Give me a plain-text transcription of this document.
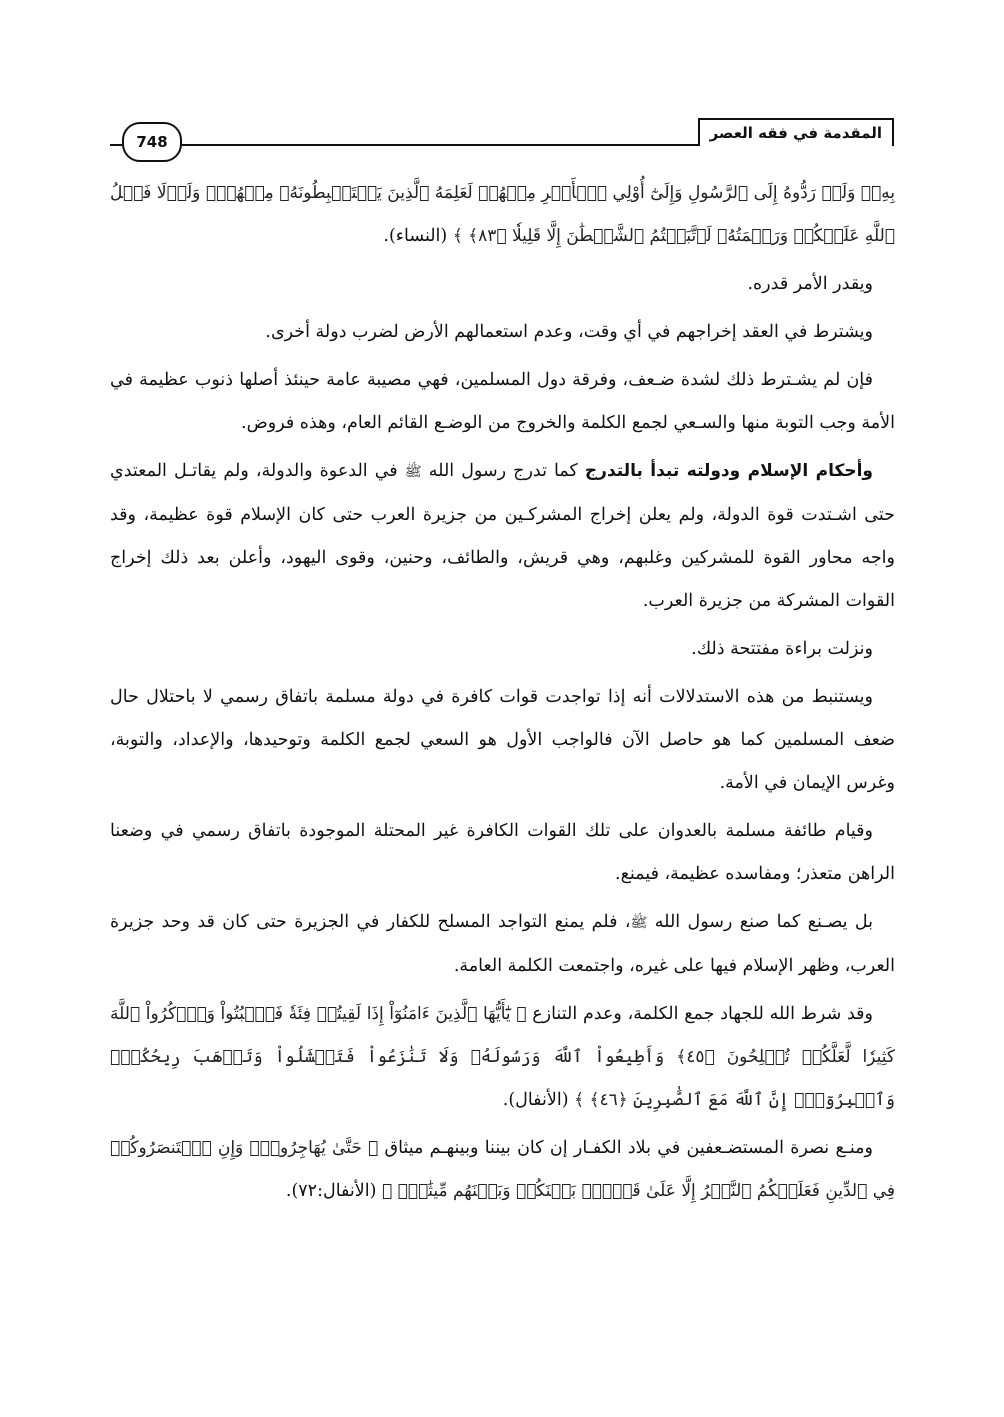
المقدمة في فقه العصر
748

بِهِۦۖ وَلَوۡ رَدُّوهُ إِلَى ٱلرَّسُولِ وَإِلَىٰٓ أُوْلِي ٱلۡأَمۡرِ مِنۡهُمۡ لَعَلِمَهُ ٱلَّذِينَ يَسۡتَنۢبِطُونَهُۥ مِنۡهُمۡۗ وَلَوۡلَا فَضۡلُ ٱللَّهِ عَلَيۡكُمۡ وَرَحۡمَتُهُۥ لَٱتَّبَعۡتُمُ ٱلشَّيۡطَٰنَ إِلَّا قَلِيلٗا ﴿٨٣﴾ ﴾ (النساء).

ويقدر الأمر قدره.

ويشترط في العقد إخراجهم في أي وقت، وعدم استعمالهم الأرض لضرب دولة أخرى.

فإن لم يشـترط ذلك لشدة ضـعف، وفرقة دول المسلمين، فهي مصيبة عامة حينئذ أصلها ذنوب عظيمة في الأمة وجب التوبة منها والسـعي لجمع الكلمة والخروج من الوضـع القائم العام، وهذه فروض.

وأحكام الإسلام ودولته تبدأ بالتدرج كما تدرج رسول الله ﷺ في الدعوة والدولة، ولم يقاتـل المعتدي حتى اشـتدت قوة الدولة، ولم يعلن إخراج المشركـين من جزيرة العرب حتى كان الإسلام قوة عظيمة، وقد واجه محاور القوة للمشركين وغلبهم، وهي قريش، والطائف، وحنين، وقوى اليهود، وأعلن بعد ذلك إخراج القوات المشركة من جزيرة العرب.

ونزلت براءة مفتتحة ذلك.

ويستنبط من هذه الاستدلالات أنه إذا تواجدت قوات كافرة في دولة مسلمة باتفاق رسمي لا باحتلال حال ضعف المسلمين كما هو حاصل الآن فالواجب الأول هو السعي لجمع الكلمة وتوحيدها، والإعداد، والتوبة، وغرس الإيمان في الأمة.

وقيام طائفة مسلمة بالعدوان على تلك القوات الكافرة غير المحتلة الموجودة باتفاق رسمي في وضعنا الراهن متعذر؛ ومفاسده عظيمة، فيمنع.

بل يصـنع كما صنع رسول الله ﷺ، فلم يمنع التواجد المسلح للكفار في الجزيرة حتى كان قد وحد جزيرة العرب، وظهر الإسلام فيها على غيره، واجتمعت الكلمة العامة.

وقد شرط الله للجهاد جمع الكلمة، وعدم التنازع ﴿ يَٰٓأَيُّهَا ٱلَّذِينَ ءَامَنُوٓاْ إِذَا لَقِيتُمۡ فِئَةٗ فَٱثۡبُتُواْ وَٱذۡكُرُواْ ٱللَّهَ كَثِيرٗا لَّعَلَّكُمۡ تُفۡلِحُونَ ﴿٤٥﴾ وَأَطِيعُواْ ٱللَّهَ وَرَسُولَهُۥ وَلَا تَنَٰزَعُواْ فَتَفۡشَلُواْ وَتَذۡهَبَ رِيحُكُمۡۖ وَٱصۡبِرُوٓاْۚ إِنَّ ٱللَّهَ مَعَ ٱلصَّٰبِرِينَ ﴿٤٦﴾ ﴾ (الأنفال).

ومنـع نصرة المستضـعفين في بلاد الكفـار إن كان بيننا وبينهـم ميثاق ﴿ حَتَّىٰ يُهَاجِرُواْۚ وَإِنِ ٱسۡتَنصَرُوكُمۡ فِي ٱلدِّينِ فَعَلَيۡكُمُ ٱلنَّصۡرُ إِلَّا عَلَىٰ قَوۡمِۭ بَيۡنَكُمۡ وَبَيۡنَهُم مِّيثَٰقٞۗ ﴾ (الأنفال:٧٢).
